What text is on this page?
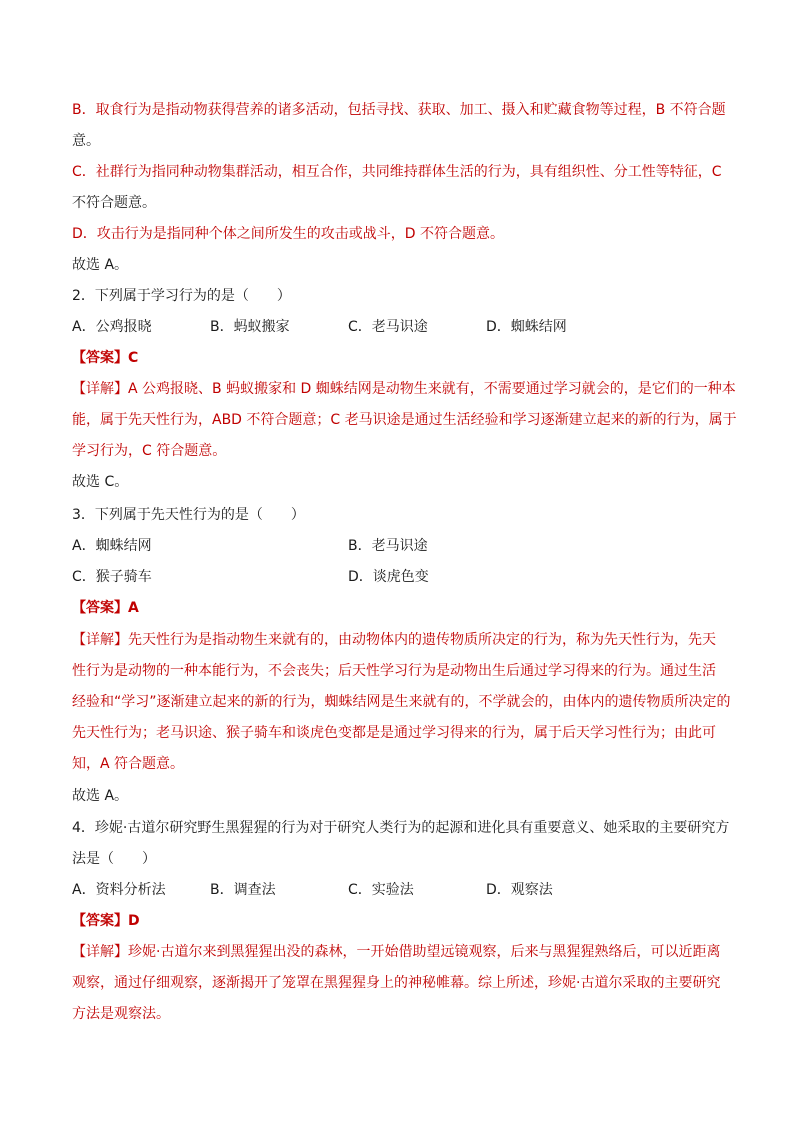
B．取食行为是指动物获得营养的诸多活动，包括寻找、获取、加工、摄入和贮藏食物等过程，B 不符合题
意。
C．社群行为指同种动物集群活动，相互合作，共同维持群体生活的行为，具有组织性、分工性等特征，C
不符合题意。
D．攻击行为是指同种个体之间所发生的攻击或战斗，D 不符合题意。
故选 A。
2．下列属于学习行为的是（　　）
A．公鸡报晓	B．蚂蚁搬家	C．老马识途	D．蜘蛛结网
【答案】C
【详解】A 公鸡报晓、B 蚂蚁搬家和 D 蜘蛛结网是动物生来就有，不需要通过学习就会的，是它们的一种本
能，属于先天性行为，ABD 不符合题意；C 老马识途是通过生活经验和学习逐渐建立起来的新的行为，属于
学习行为，C 符合题意。
故选 C。
3．下列属于先天性行为的是（　　）
A．蜘蛛结网	B．老马识途
C．猴子骑车	D．谈虎色变
【答案】A
【详解】先天性行为是指动物生来就有的，由动物体内的遗传物质所决定的行为，称为先天性行为，先天
性行为是动物的一种本能行为，不会丧失；后天性学习行为是动物出生后通过学习得来的行为。通过生活
经验和“学习”逐渐建立起来的新的行为，蜘蛛结网是生来就有的，不学就会的，由体内的遗传物质所决定的
先天性行为；老马识途、猴子骑车和谈虎色变都是是通过学习得来的行为，属于后天学习性行为；由此可
知，A 符合题意。
故选 A。
4．珍妮·古道尔研究野生黑猩猩的行为对于研究人类行为的起源和进化具有重要意义、她采取的主要研究方
法是（　　）
A．资料分析法	B．调查法	C．实验法	D．观察法
【答案】D
【详解】珍妮·古道尔来到黑猩猩出没的森林，一开始借助望远镜观察，后来与黑猩猩熟络后，可以近距离
观察，通过仔细观察，逐渐揭开了笼罩在黑猩猩身上的神秘帷幕。综上所述，珍妮·古道尔采取的主要研究
方法是观察法。
